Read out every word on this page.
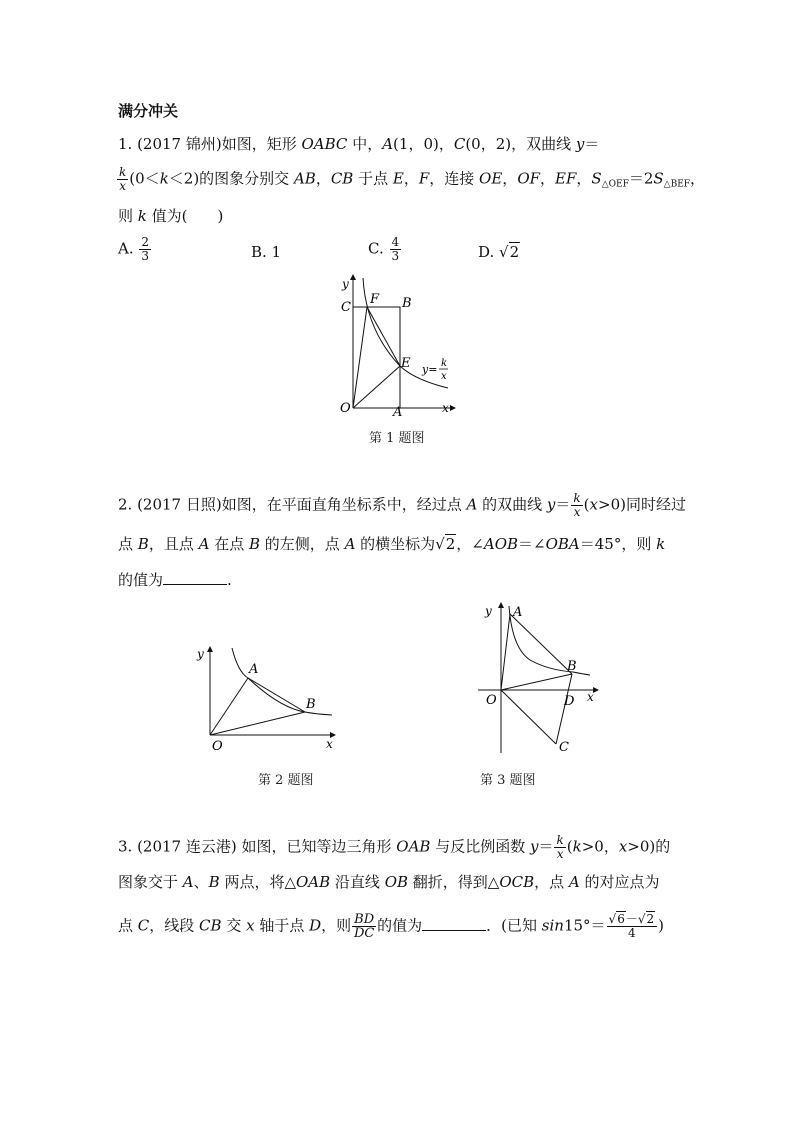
满分冲关
1. (2017 锦州)如图，矩形 OABC 中，A(1，0)，C(0，2)，双曲线 y＝
$\frac{k}{x} (0<k<2)$的图象分别交 AB，CB 于点 E，F，连接 OE，OF，EF，$S_{\triangle OEF}=2S_{\triangle BEF}$，
则 k 值为(　　)
A. $\frac{2}{3}$	B. 1	C. $\frac{4}{3}$	D. √2
y
x
O	A
B
C
F
E y= k
x
第 1 题图
2. (2017 日照)如图，在平面直角坐标系中，经过点 A 的双曲线 $y= \frac{k}{x} (x>0)$同时经过
点 B，且点 A 在点 B 的左侧，点 A 的横坐标为√2，∠AOB＝∠OBA＝45°，则 k
的值为	.
y
x
O
A
B
第 2 题图
y
x
O
A
B
D
C
第 3 题图
3. (2017 连云港) 如图，已知等边三角形 OAB 与反比例函数 $y= \frac{k}{x} (k>0$，x>0)的
图象交于 A、B 两点，将△OAB 沿直线 OB 翻折，得到△OCB，点 A 的对应点为
点 C，线段 CB 交 x 轴于点 D，则 $\frac{BD}{DC}$ 的值为	．(已知 $\sin 15^\circ= \frac{√6-√2}{4}$ )
